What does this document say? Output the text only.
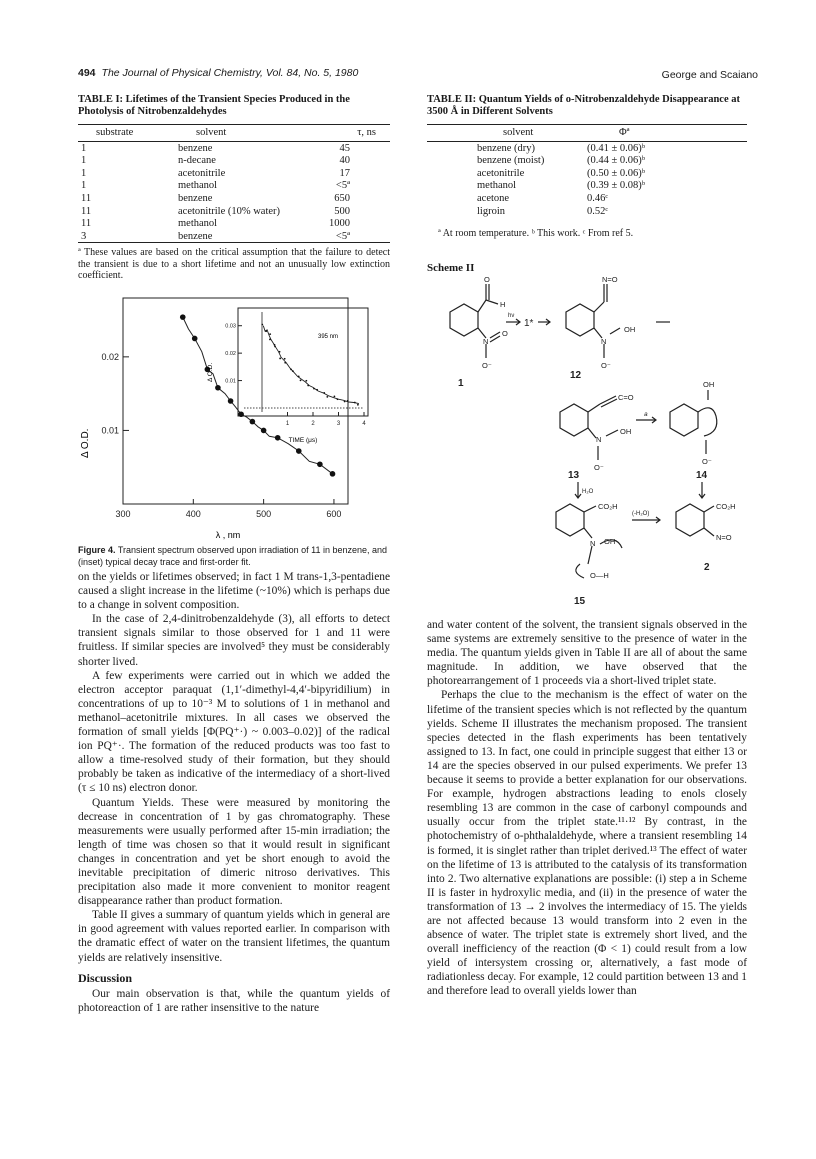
494 The Journal of Physical Chemistry, Vol. 84, No. 5, 1980	George and Scaiano
TABLE I: Lifetimes of the Transient Species Produced in the Photolysis of Nitrobenzaldehydes
substrate	solvent	τ, ns
1	benzene	45
1	n-decane	40
1	acetonitrile	17
1	methanol	<5ª
11	benzene	650
11	acetonitrile (10% water)	500
11	methanol	1000
3	benzene	<5ª
ª These values are based on the critical assumption that the failure to detect the transient is due to a short lifetime and not an unusually low extinction coefficient.
TABLE II: Quantum Yields of o-Nitrobenzaldehyde Disappearance at 3500 Å in Different Solvents
solvent	Φª
benzene (dry)	(0.41 ± 0.06)ᵇ
benzene (moist)	(0.44 ± 0.06)ᵇ
acetonitrile	(0.50 ± 0.06)ᵇ
methanol	(0.39 ± 0.08)ᵇ
acetone	0.46ᶜ
ligroin	0.52ᶜ
ª At room temperature. ᵇ This work. ᶜ From ref 5.
Scheme II
O
H
N
O
O⁻
hν
1*
N=O
N
OH
O⁻
C=O
N
OH
O⁻
a
OH
O⁻
H₂O
CO₂H
N OH
O—H
(-H₂O)
CO₂H
N=O
1
12
13	14
15
2
300	400	500	600
0.02
0.01
1	2	3	4
0.03
0.02
0.01
Δ O.D.
λ , nm
Δ O.D.
TIME (μs)
395 nm
Figure 4. Transient spectrum observed upon irradiation of 11 in benzene, and (inset) typical decay trace and first-order fit.

on the yields or lifetimes observed; in fact 1 M trans-1,3-pentadiene caused a slight increase in the lifetime (~10%) which is perhaps due to a change in solvent composition.

In the case of 2,4-dinitrobenzaldehyde (3), all efforts to detect transient signals similar to those observed for 1 and 11 were fruitless. If similar species are involved⁵ they must be considerably shorter lived.

A few experiments were carried out in which we added the electron acceptor paraquat (1,1′-dimethyl-4,4′-bipyridilium) in concentrations of up to 10⁻³ M to solutions of 1 in methanol and methanol–acetonitrile mixtures. In all cases we observed the formation of small yields [Φ(PQ⁺·) ~ 0.003–0.02)] of the radical ion PQ⁺·. The formation of the reduced products was too fast to allow a time-resolved study of their formation, but they should probably be taken as indicative of the intermediacy of a short-lived (τ ≤ 10 ns) electron donor.

Quantum Yields. These were measured by monitoring the decrease in concentration of 1 by gas chromatography. These measurements were usually performed after 15-min irradiation; the length of time was chosen so that it would result in significant changes in concentration and yet be short enough to avoid the inevitable precipitation of dimeric nitroso derivatives. This precipitation also made it more convenient to monitor reagent disappearance rather than product formation.

Table II gives a summary of quantum yields which in general are in good agreement with values reported earlier. In comparison with the dramatic effect of water on the transient lifetimes, the quantum yields are relatively insensitive.

Discussion

Our main observation is that, while the quantum yields of photoreaction of 1 are rather insensitive to the nature

and water content of the solvent, the transient signals observed in the same systems are extremely sensitive to the presence of water in the media. The quantum yields given in Table II are all of about the same magnitude. In addition, we have observed that the photorearrangement of 1 proceeds via a short-lived triplet state.

Perhaps the clue to the mechanism is the effect of water on the lifetime of the transient species which is not reflected by the quantum yields. Scheme II illustrates the mechanism proposed. The transient species detected in the flash experiments has been tentatively assigned to 13. In fact, one could in principle suggest that either 13 or 14 are the species observed in our pulsed experiments. We prefer 13 because it seems to provide a better explanation for our observations. For example, hydrogen abstractions leading to enols closely resembling 13 are common in the case of carbonyl compounds and usually occur from the triplet state.¹¹·¹² By contrast, in the photochemistry of o-phthalaldehyde, where a transient resembling 14 is formed, it is singlet rather than triplet derived.¹³ The effect of water on the lifetime of 13 is attributed to the catalysis of its transformation into 2. Two alternative explanations are possible: (i) step a in Scheme II is faster in hydroxylic media, and (ii) in the presence of water the transformation of 13 → 2 involves the intermediacy of 15. The yields are not affected because 13 would transform into 2 even in the absence of water. The triplet state is extremely short lived, and the overall inefficiency of the reaction (Φ < 1) could result from a low yield of intersystem crossing or, alternatively, a fast mode of radiationless decay. For example, 12 could partition between 13 and 1 and therefore lead to overall yields lower than
